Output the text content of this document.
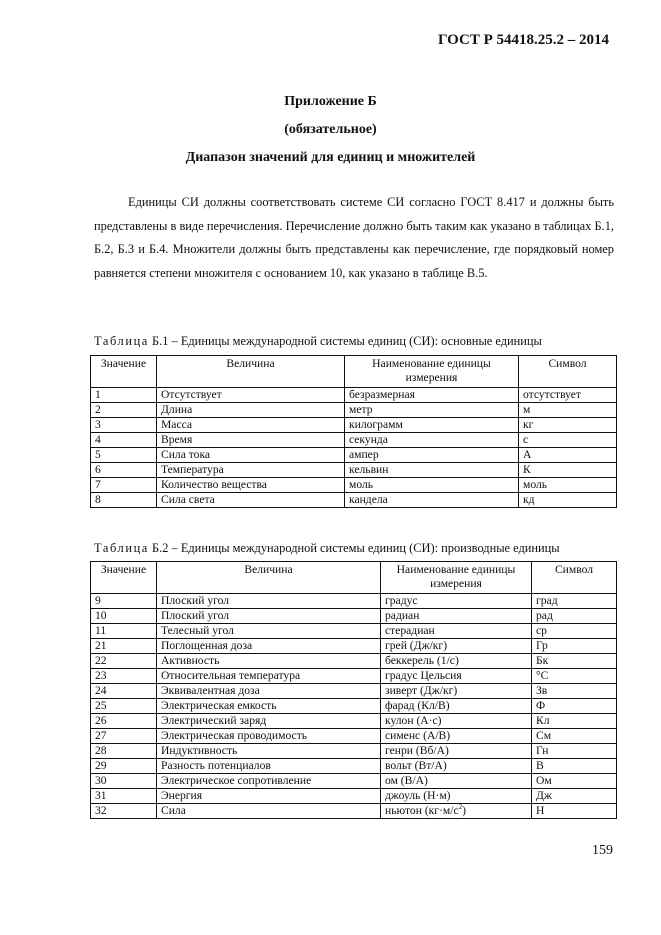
ГОСТ Р 54418.25.2 – 2014
Приложение Б
(обязательное)
Диапазон значений для единиц и множителей

Единицы СИ должны соответствовать системе СИ согласно ГОСТ 8.417 и должны быть представлены в виде перечисления. Перечисление должно быть таким как указано в таблицах Б.1, Б.2, Б.3 и Б.4. Множители должны быть представлены как перечисление, где порядковый номер равняется степени множителя с основанием 10, как указано в таблице В.5.

Таблица Б.1 – Единицы международной системы единиц (СИ): основные единицы
Значение	Величина	Наименование единицы измерения	Символ
1	Отсутствует	безразмерная	отсутствует
2	Длина	метр	м
3	Масса	килограмм	кг
4	Время	секунда	с
5	Сила тока	ампер	А
6	Температура	кельвин	К
7	Количество вещества	моль	моль
8	Сила света	кандела	кд
Таблица Б.2 – Единицы международной системы единиц (СИ): производные единицы
Значение	Величина	Наименование единицы измерения	Символ
9	Плоский угол	градус	град
10	Плоский угол	радиан	рад
11	Телесный угол	стерадиан	ср
21	Поглощенная доза	грей (Дж/кг)	Гр
22	Активность	беккерель (1/с)	Бк
23	Относительная температура	градус Цельсия	°С
24	Эквивалентная доза	зиверт (Дж/кг)	Зв
25	Электрическая емкость	фарад (Кл/В)	Ф
26	Электрический заряд	кулон (А·с)	Кл
27	Электрическая проводимость	сименс (А/В)	См
28	Индуктивность	генри (Вб/А)	Гн
29	Разность потенциалов	вольт (Вт/А)	В
30	Электрическое сопротивление	ом (В/А)	Ом
31	Энергия	джоуль (Н·м)	Дж
32	Сила	ньютон $(кг\cdot м/с^2)$	Н
159
